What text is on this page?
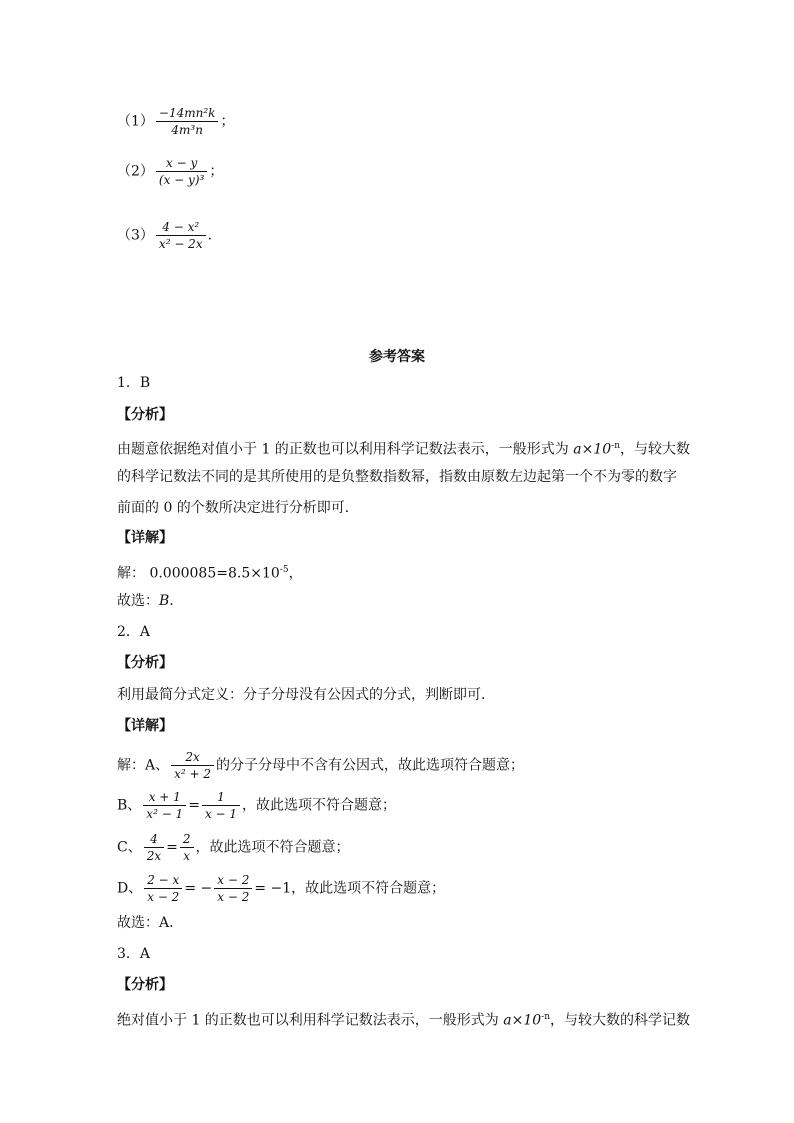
$(1) \frac{\text{−14mn²k}}{\text{4m³n}}$ ；
$(2) \frac{x - y}{\text{(x − y)³}}$ ；
$(3) \frac{\text{4 − x²}}{\text{x² − 2x}}$ .
参考答案
1．B
【分析】
由题意依据绝对值小于 1 的正数也可以利用科学记数法表示，一般形式为 $a\times 10^{-n}$，与较大数
的科学记数法不同的是其所使用的是负整数指数幂，指数由原数左边起第一个不为零的数字
前面的 0 的个数所决定进行分析即可．
【详解】
解： $0.000085=8.5\times 10^{-5}$，
故选：B.
2．A
【分析】
利用最简分式定义：分子分母没有公因式的分式，判断即可．
【详解】
解：A、 $\frac{2x}{\text{x² + 2}}$ 的分子分母中不含有公因式，故此选项符合题意；
B、 $\frac{x + 1}{\text{x² − 1}} = \frac{1}{x - 1}$ ，故此选项不符合题意；
C、 $\frac{4}{2x} = \frac{2}{x}$ ，故此选项不符合题意；
D、 $\frac{2 - x}{x - 2}$ = − $\frac{x - 2}{x - 2} = -1$，故此选项不符合题意；
故选：A．
3．A
【分析】
绝对值小于 1 的正数也可以利用科学记数法表示，一般形式为 $a\times 10^{-n}$，与较大数的科学记数
